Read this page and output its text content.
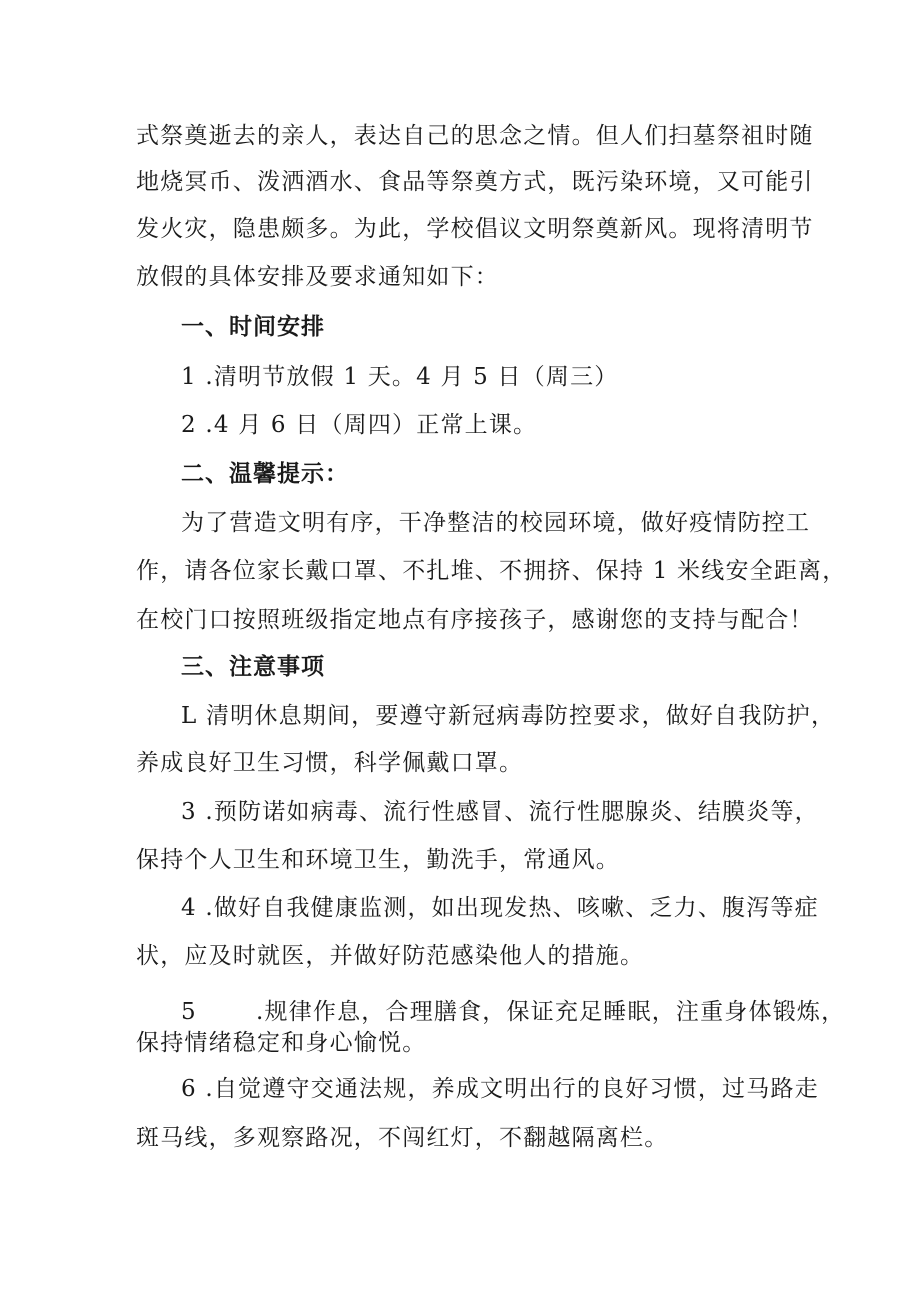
式祭奠逝去的亲人，表达自己的思念之情。但人们扫墓祭祖时随
地烧冥币、泼洒酒水、食品等祭奠方式，既污染环境，又可能引
发火灾，隐患颇多。为此，学校倡议文明祭奠新风。现将清明节
放假的具体安排及要求通知如下：
一、时间安排
1 .清明节放假 1 天。4 月 5 日（周三）
2 .4 月 6 日（周四）正常上课。
二、温馨提示：
为了营造文明有序，干净整洁的校园环境，做好疫情防控工
作，请各位家长戴口罩、不扎堆、不拥挤、保持 1 米线安全距离，
在校门口按照班级指定地点有序接孩子，感谢您的支持与配合！
三、注意事项
L 清明休息期间，要遵守新冠病毒防控要求，做好自我防护，
养成良好卫生习惯，科学佩戴口罩。
3 .预防诺如病毒、流行性感冒、流行性腮腺炎、结膜炎等，
保持个人卫生和环境卫生，勤洗手，常通风。
4 .做好自我健康监测，如出现发热、咳嗽、乏力、腹泻等症
状，应及时就医，并做好防范感染他人的措施。
5	.规律作息，合理膳食，保证充足睡眠，注重身体锻炼，
保持情绪稳定和身心愉悦。
6 .自觉遵守交通法规，养成文明出行的良好习惯，过马路走
斑马线，多观察路况，不闯红灯，不翻越隔离栏。
